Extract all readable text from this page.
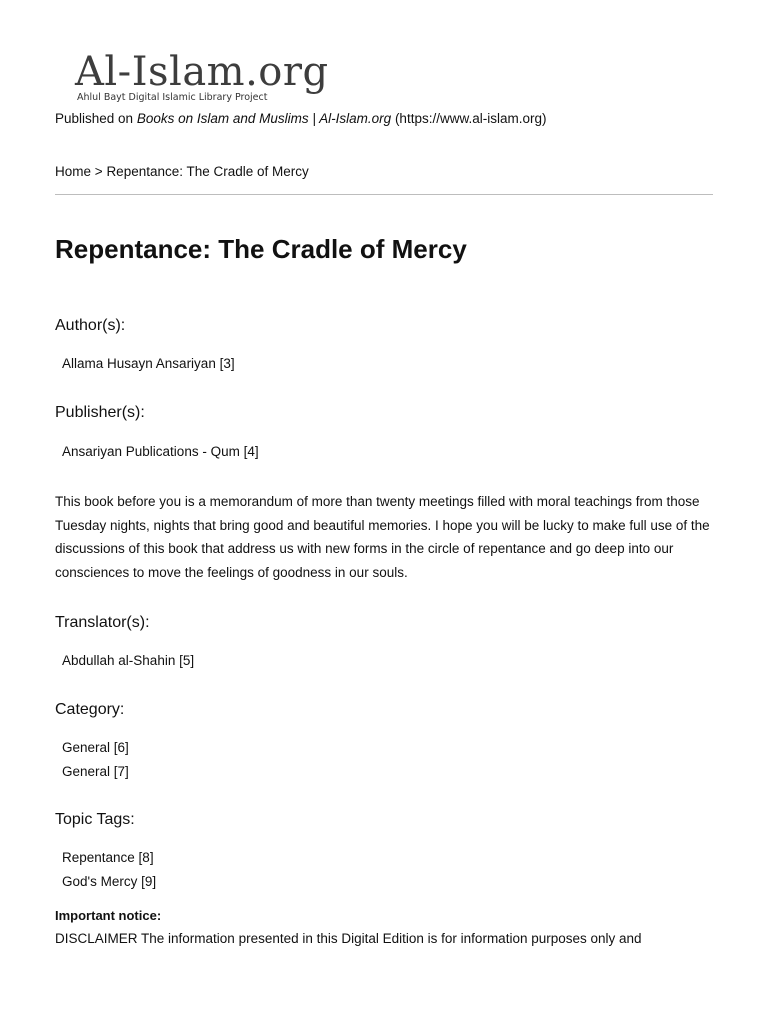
Al-Islam.org
Ahlul Bayt Digital Islamic Library Project
Published on Books on Islam and Muslims | Al-Islam.org (https://www.al-islam.org)
Home > Repentance: The Cradle of Mercy
Repentance: The Cradle of Mercy
Author(s):
Allama Husayn Ansariyan [3]
Publisher(s):
Ansariyan Publications - Qum [4]

This book before you is a memorandum of more than twenty meetings filled with moral teachings from those Tuesday nights, nights that bring good and beautiful memories. I hope you will be lucky to make full use of the discussions of this book that address us with new forms in the circle of repentance and go deep into our consciences to move the feelings of goodness in our souls.

Translator(s):
Abdullah al-Shahin [5]
Category:
General [6]
General [7]
Topic Tags:
Repentance [8]
God's Mercy [9]
Important notice:
DISCLAIMER The information presented in this Digital Edition is for information purposes only and
